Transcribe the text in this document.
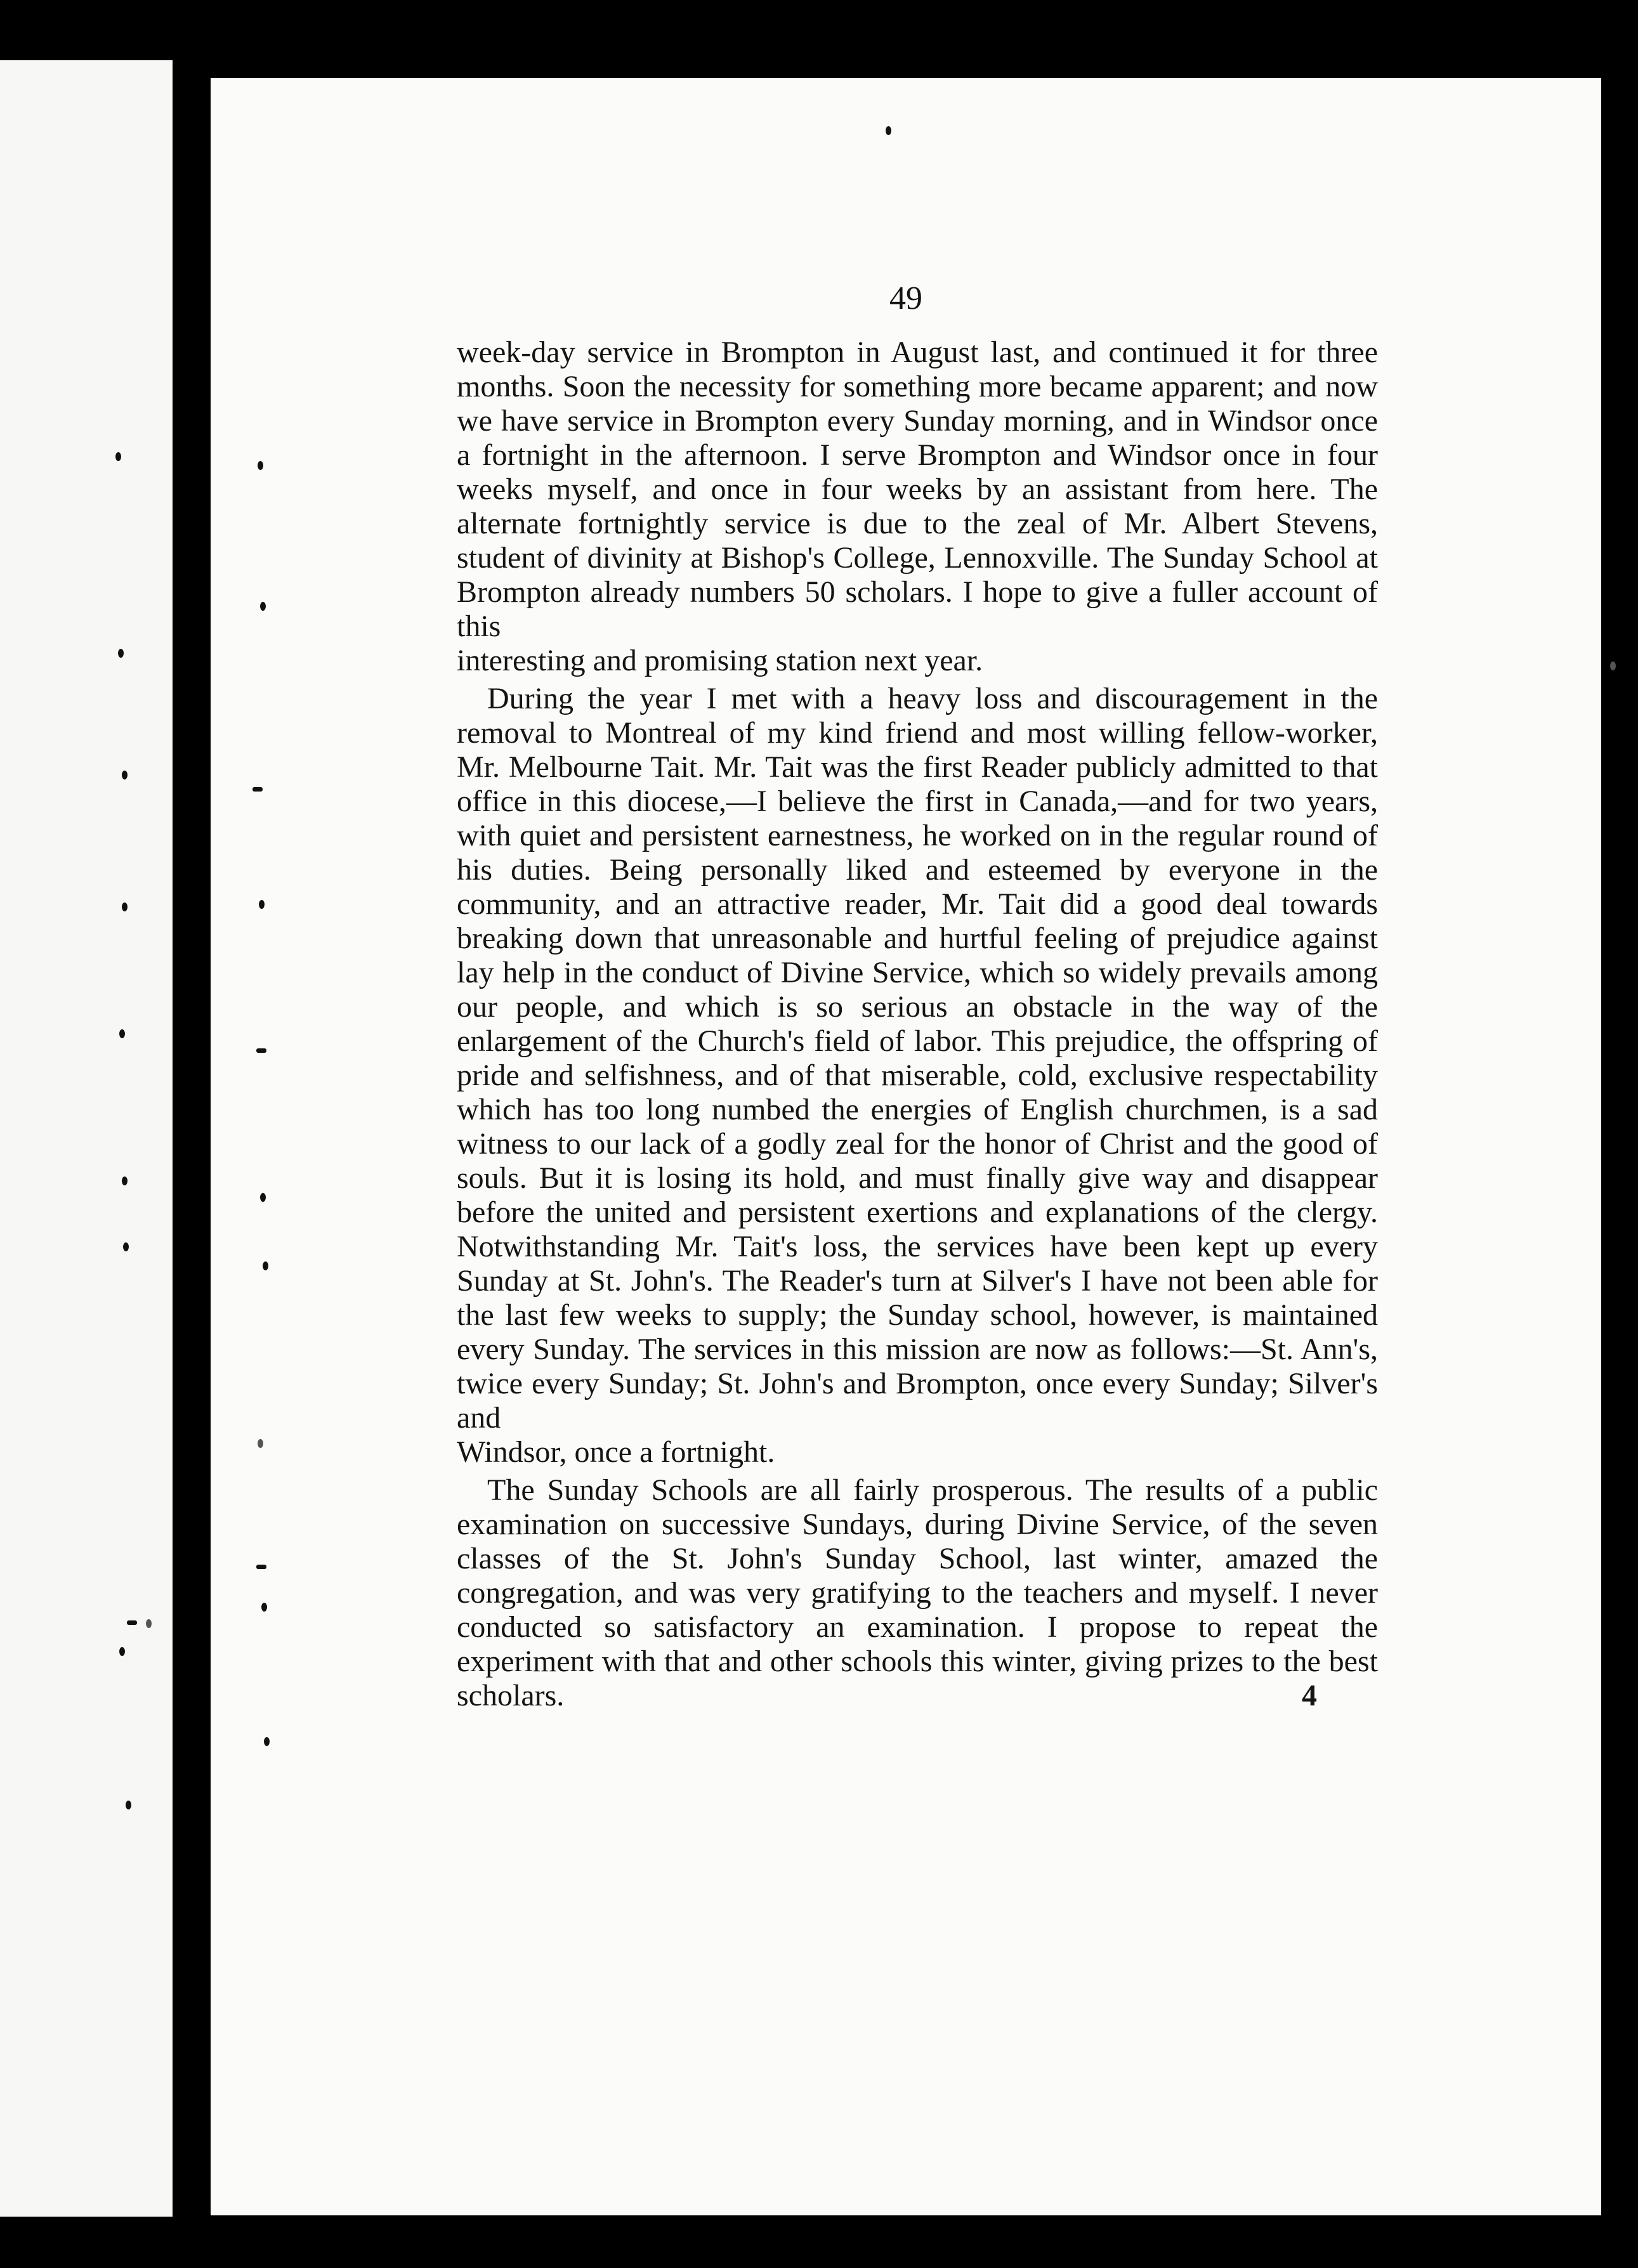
49

week-day service in Brompton in August last, and continued it for three months. Soon the necessity for something more became apparent; and now we have service in Brompton every Sunday morning, and in Windsor once a fortnight in the afternoon. I serve Brompton and Windsor once in four weeks myself, and once in four weeks by an assistant from here. The alternate fortnightly service is due to the zeal of Mr. Albert Stevens, student of divinity at Bishop's College, Lennoxville. The Sunday School at Brompton already numbers 50 scholars. I hope to give a fuller account of this
interesting and promising station next year.

During the year I met with a heavy loss and discouragement in the removal to Montreal of my kind friend and most willing fellow-worker, Mr. Melbourne Tait. Mr. Tait was the first Reader publicly admitted to that office in this diocese,—I believe the first in Canada,—and for two years, with quiet and persistent earnestness, he worked on in the regular round of his duties. Being personally liked and esteemed by everyone in the community, and an attractive reader, Mr. Tait did a good deal towards breaking down that unreasonable and hurtful feeling of prejudice against lay help in the conduct of Divine Service, which so widely prevails among our people, and which is so serious an obstacle in the way of the enlargement of the Church's field of labor. This prejudice, the offspring of pride and selfishness, and of that miserable, cold, exclusive respectability which has too long numbed the energies of English churchmen, is a sad witness to our lack of a godly zeal for the honor of Christ and the good of souls. But it is losing its hold, and must finally give way and disappear before the united and persistent exertions and explanations of the clergy. Notwithstanding Mr. Tait's loss, the services have been kept up every Sunday at St. John's. The Reader's turn at Silver's I have not been able for the last few weeks to supply; the Sunday school, however, is maintained every Sunday. The services in this mission are now as follows:—St. Ann's, twice every Sunday; St. John's and Brompton, once every Sunday; Silver's and
Windsor, once a fortnight.

The Sunday Schools are all fairly prosperous. The results of a public examination on successive Sundays, during Divine Service, of the seven classes of the St. John's Sunday School, last winter, amazed the congregation, and was very gratifying to the teachers and myself. I never conducted so satisfactory an examination. I propose to repeat the experiment with that and other schools this winter, giving prizes to the best

scholars.	4
